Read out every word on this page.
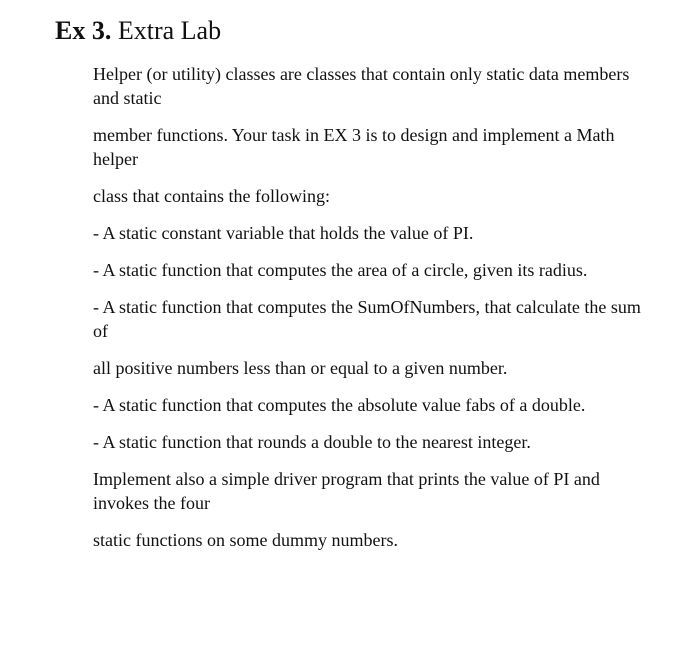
Ex 3. Extra Lab

Helper (or utility) classes are classes that contain only static data members and static

member functions. Your task in EX 3 is to design and implement a Math helper

class that contains the following:

- A static constant variable that holds the value of PI.

- A static function that computes the area of a circle, given its radius.

- A static function that computes the SumOfNumbers, that calculate the sum of

all positive numbers less than or equal to a given number.

- A static function that computes the absolute value fabs of a double.

- A static function that rounds a double to the nearest integer.

Implement also a simple driver program that prints the value of PI and invokes the four

static functions on some dummy numbers.
